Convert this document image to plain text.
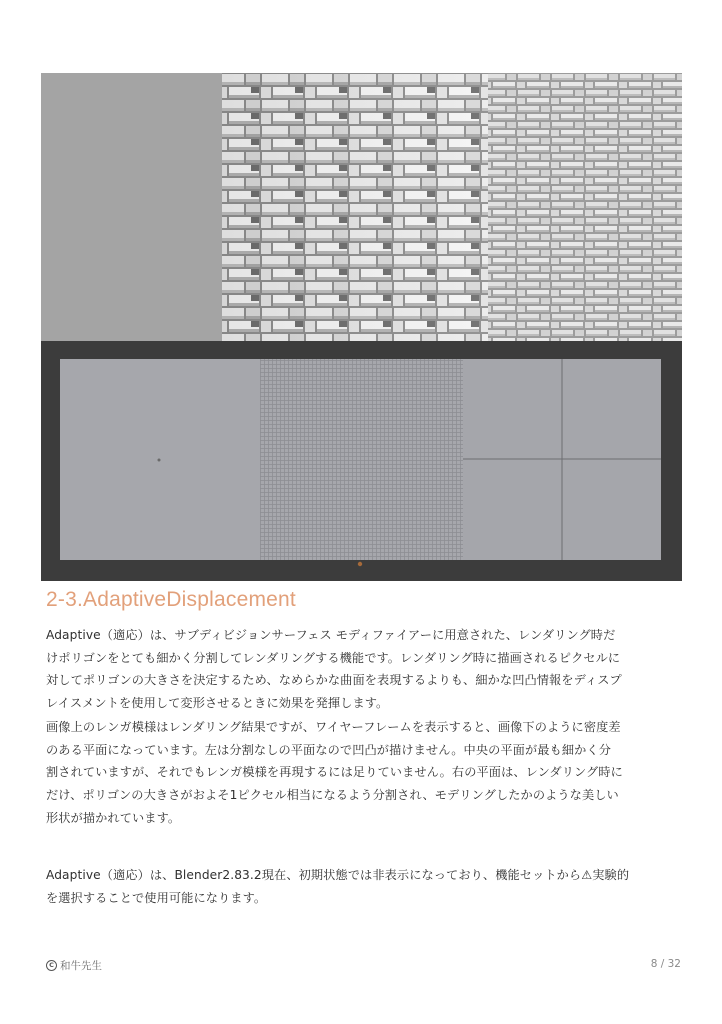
2-3.AdaptiveDisplacement

Adaptive（適応）は、サブディビジョンサーフェス モディファイアーに用意された、レンダリング時だ
けポリゴンをとても細かく分割してレンダリングする機能です。レンダリング時に描画されるピクセルに
対してポリゴンの大きさを決定するため、なめらかな曲面を表現するよりも、細かな凹凸情報をディスプ
レイスメントを使用して変形させるときに効果を発揮します。

画像上のレンガ模様はレンダリング結果ですが、ワイヤーフレームを表示すると、画像下のように密度差
のある平面になっています。左は分割なしの平面なので凹凸が描けません。中央の平面が最も細かく分
割されていますが、それでもレンガ模様を再現するには足りていません。右の平面は、レンダリング時に
だけ、ポリゴンの大きさがおよそ1ピクセル相当になるよう分割され、モデリングしたかのような美しい
形状が描かれています。

Adaptive（適応）は、Blender2.83.2現在、初期状態では非表示になっており、機能セットから⚠実験的
を選択することで使用可能になります。

C 和牛先生	8 / 32
